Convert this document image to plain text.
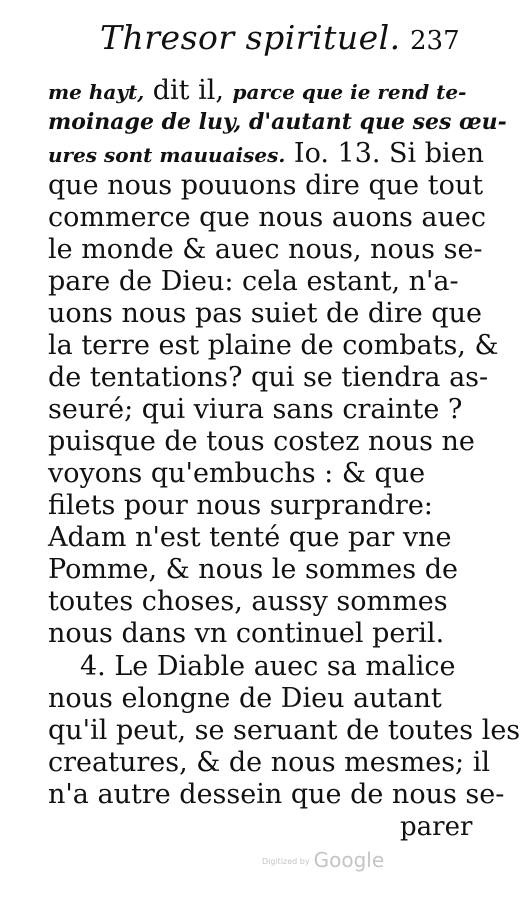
Thresor spirituel. 237
me hayt, dit il, parce que ie rend te-
moinage de luy, d'autant que ses œu-
ures sont mauuaises. Io. 13. Si bien
que nous pouuons dire que tout
commerce que nous auons auec
le monde & auec nous, nous se-
pare de Dieu: cela estant, n'a-
uons nous pas suiet de dire que
la terre est plaine de combats, &
de tentations? qui se tiendra as-
seuré; qui viura sans crainte ?
puisque de tous costez nous ne
voyons qu'embuchs : & que
filets pour nous surprandre:
Adam n'est tenté que par vne
Pomme, & nous le sommes de
toutes choses, aussy sommes
nous dans vn continuel peril.
4. Le Diable auec sa malice
nous elongne de Dieu autant
qu'il peut, se seruant de toutes les
creatures, & de nous mesmes; il
n'a autre dessein que de nous se-
parer
Digitized by Google
